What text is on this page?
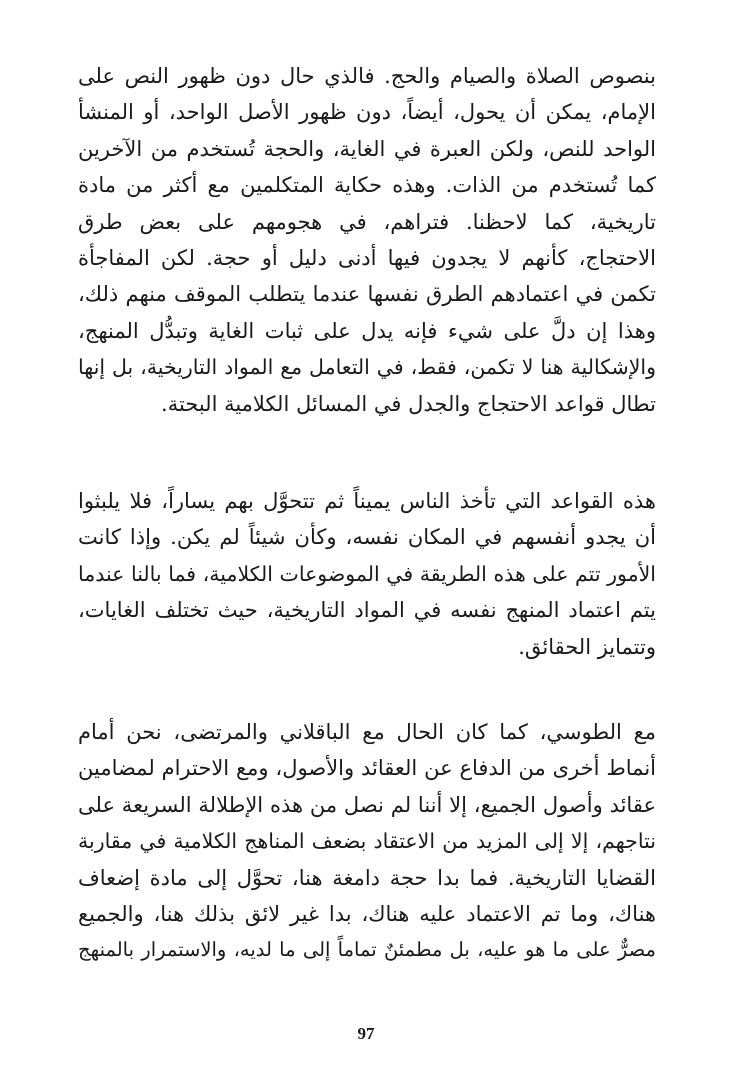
بنصوص الصلاة والصيام والحج. فالذي حال دون ظهور النص على
الإمام، يمكن أن يحول، أيضاً، دون ظهور الأصل الواحد، أو المنشأ
الواحد للنص، ولكن العبرة في الغاية، والحجة تُستخدم من الآخرين
كما تُستخدم من الذات. وهذه حكاية المتكلمين مع أكثر من مادة
تاريخية، كما لاحظنا. فتراهم، في هجومهم على بعض طرق
الاحتجاج، كأنهم لا يجدون فيها أدنى دليل أو حجة. لكن المفاجأة
تكمن في اعتمادهم الطرق نفسها عندما يتطلب الموقف منهم ذلك،
وهذا إن دلَّ على شيء فإنه يدل على ثبات الغاية وتبدُّل المنهج،
والإشكالية هنا لا تكمن، فقط، في التعامل مع المواد التاريخية، بل إنها
تطال قواعد الاحتجاج والجدل في المسائل الكلامية البحتة.
هذه القواعد التي تأخذ الناس يميناً ثم تتحوَّل بهم يساراً، فلا يلبثوا
أن يجدو أنفسهم في المكان نفسه، وكأن شيئاً لم يكن. وإذا كانت
الأمور تتم على هذه الطريقة في الموضوعات الكلامية، فما بالنا عندما
يتم اعتماد المنهج نفسه في المواد التاريخية، حيث تختلف الغايات،
وتتمايز الحقائق.
مع الطوسي، كما كان الحال مع الباقلاني والمرتضى، نحن أمام
أنماط أخرى من الدفاع عن العقائد والأصول، ومع الاحترام لمضامين
عقائد وأصول الجميع، إلا أننا لم نصل من هذه الإطلالة السريعة على
نتاجهم، إلا إلى المزيد من الاعتقاد بضعف المناهج الكلامية في مقاربة
القضايا التاريخية. فما بدا حجة دامغة هنا، تحوَّل إلى مادة إضعاف
هناك، وما تم الاعتماد عليه هناك، بدا غير لائق بذلك هنا، والجميع
مصرٌّ على ما هو عليه، بل مطمئنٌ تماماً إلى ما لديه، والاستمرار بالمنهج
97
